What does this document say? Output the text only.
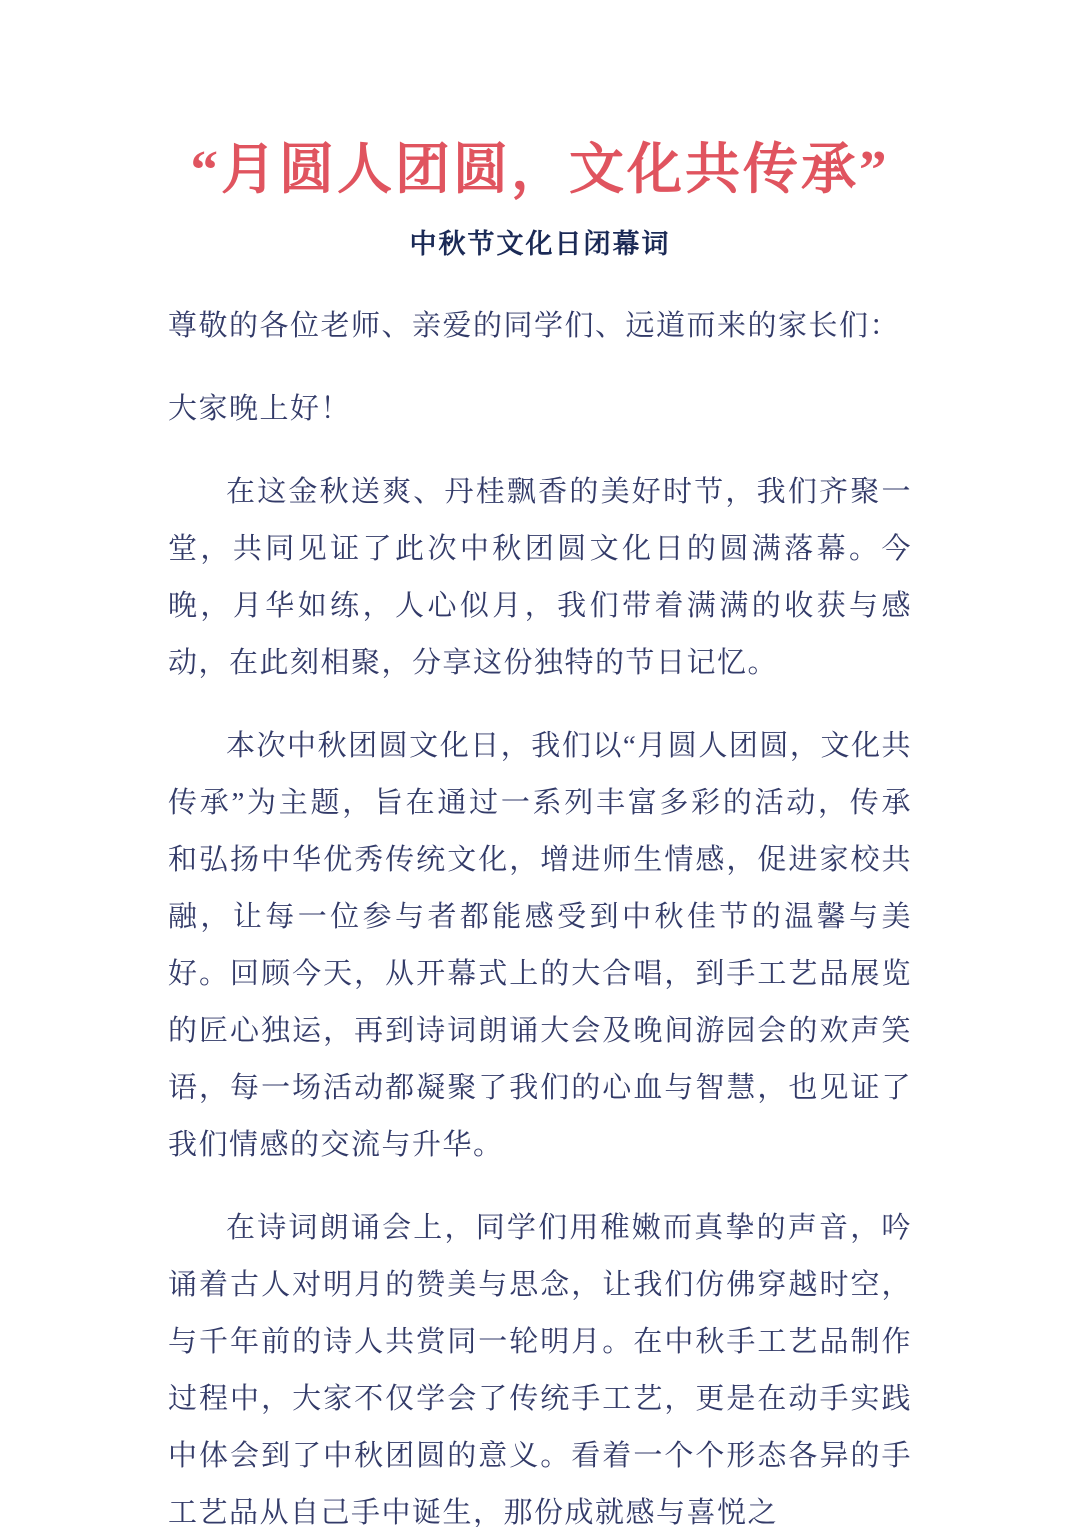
“月圆人团圆，文化共传承”
中秋节文化日闭幕词

尊敬的各位老师、亲爱的同学们、远道而来的家长们：

大家晚上好！

在这金秋送爽、丹桂飘香的美好时节，我们齐聚一堂，共同见证了此次中秋团圆文化日的圆满落幕。今晚，月华如练，人心似月，我们带着满满的收获与感动，在此刻相聚，分享这份独特的节日记忆。

本次中秋团圆文化日，我们以“月圆人团圆，文化共传承”为主题，旨在通过一系列丰富多彩的活动，传承和弘扬中华优秀传统文化，增进师生情感，促进家校共融，让每一位参与者都能感受到中秋佳节的温馨与美好。回顾今天，从开幕式上的大合唱，到手工艺品展览的匠心独运，再到诗词朗诵大会及晚间游园会的欢声笑语，每一场活动都凝聚了我们的心血与智慧，也见证了我们情感的交流与升华。

在诗词朗诵会上，同学们用稚嫩而真挚的声音，吟诵着古人对明月的赞美与思念，让我们仿佛穿越时空，与千年前的诗人共赏同一轮明月。在中秋手工艺品制作过程中，大家不仅学会了传统手工艺，更是在动手实践中体会到了中秋团圆的意义。看着一个个形态各异的手工艺品从自己手中诞生，那份成就感与喜悦之
